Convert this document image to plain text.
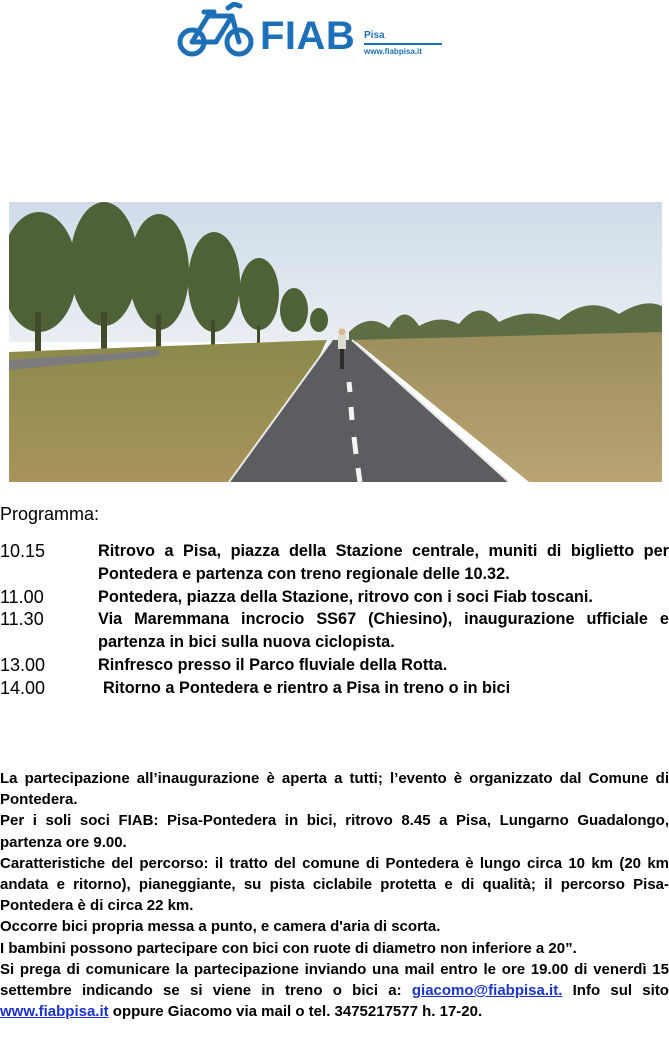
FIAB Pisa
www.fiabpisa.it
Programma:
10.15	Ritrovo a Pisa, piazza della Stazione centrale, muniti di biglietto per Pontedera e partenza con treno regionale delle 10.32.
11.00	Pontedera, piazza della Stazione, ritrovo con i soci Fiab toscani.
11.30	Via Maremmana incrocio SS67 (Chiesino), inaugurazione ufficiale e partenza in bici sulla nuova ciclopista.
13.00	Rinfresco presso il Parco fluviale della Rotta.
14.00	Ritorno a Pontedera e rientro a Pisa in treno o in bici

La partecipazione all’inaugurazione è aperta a tutti; l’evento è organizzato dal Comune di Pontedera.

Per i soli soci FIAB: Pisa-Pontedera in bici, ritrovo 8.45 a Pisa, Lungarno Guadalongo, partenza ore 9.00.

Caratteristiche del percorso: il tratto del comune di Pontedera è lungo circa 10 km (20 km andata e ritorno), pianeggiante, su pista ciclabile protetta e di qualità; il percorso Pisa-Pontedera è di circa 22 km.

Occorre bici propria messa a punto, e camera d'aria di scorta.

I bambini possono partecipare con bici con ruote di diametro non inferiore a 20”.

Si prega di comunicare la partecipazione inviando una mail entro le ore 19.00 di venerdì 15 settembre indicando se si viene in treno o bici a: giacomo@fiabpisa.it. Info sul sito www.fiabpisa.it oppure Giacomo via mail o tel. 3475217577 h. 17-20.
